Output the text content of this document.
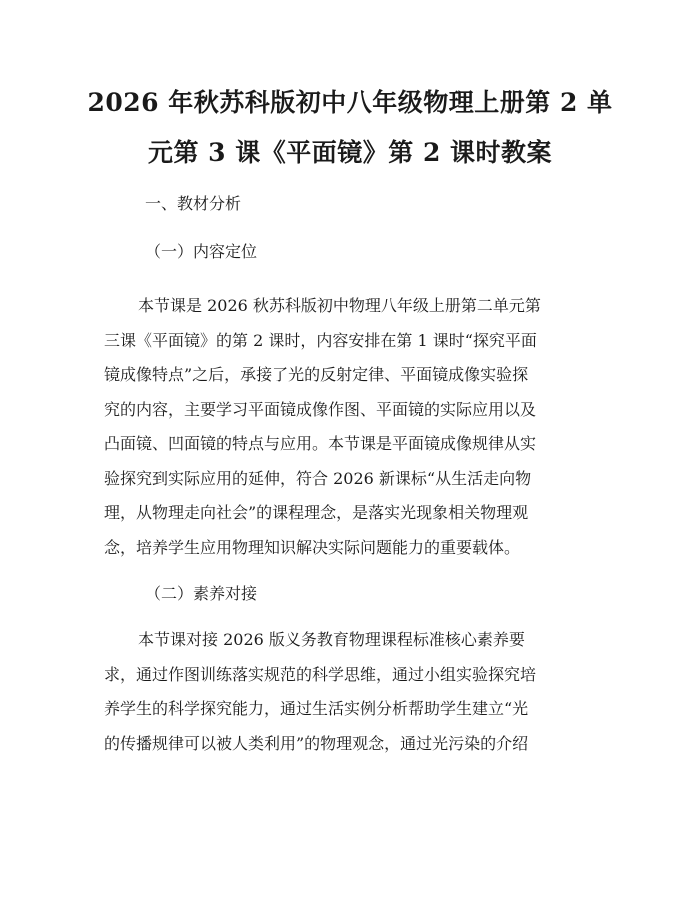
2026 年秋苏科版初中八年级物理上册第 2 单
元第 3 课《平面镜》第 2 课时教案

一、教材分析

（一）内容定位

本节课是 2026 秋苏科版初中物理八年级上册第二单元第
三课《平面镜》的第 2 课时，内容安排在第 1 课时“探究平面
镜成像特点”之后，承接了光的反射定律、平面镜成像实验探
究的内容，主要学习平面镜成像作图、平面镜的实际应用以及
凸面镜、凹面镜的特点与应用。本节课是平面镜成像规律从实
验探究到实际应用的延伸，符合 2026 新课标“从生活走向物
理，从物理走向社会”的课程理念，是落实光现象相关物理观
念，培养学生应用物理知识解决实际问题能力的重要载体。

（二）素养对接

本节课对接 2026 版义务教育物理课程标准核心素养要
求，通过作图训练落实规范的科学思维，通过小组实验探究培
养学生的科学探究能力，通过生活实例分析帮助学生建立“光
的传播规律可以被人类利用”的物理观念，通过光污染的介绍
